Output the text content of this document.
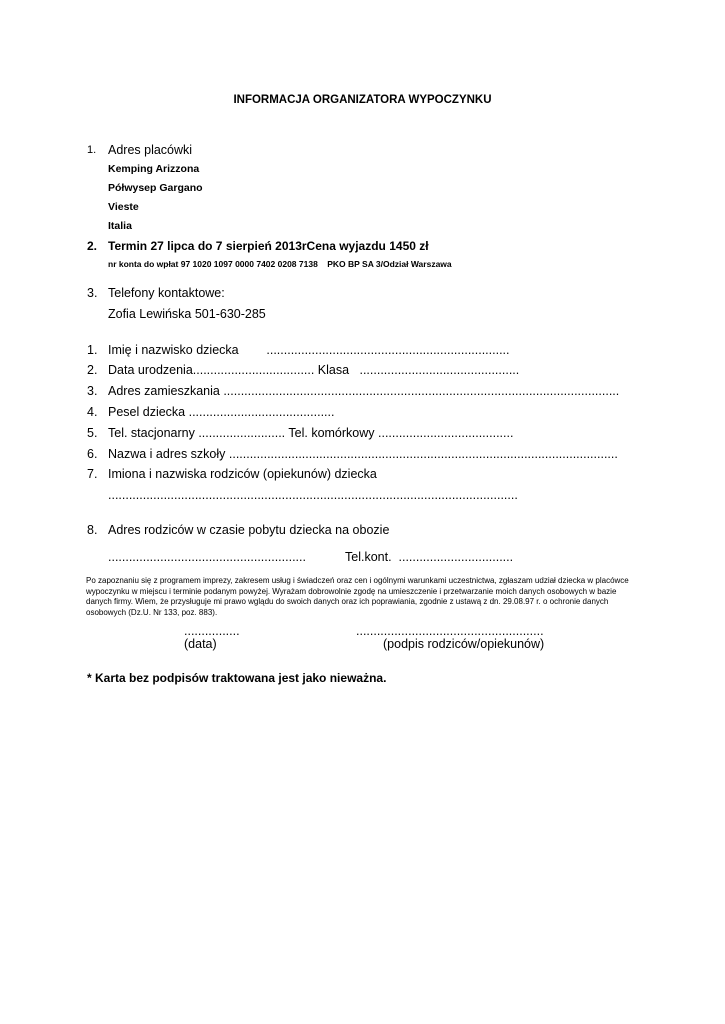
INFORMACJA ORGANIZATORA WYPOCZYNKU
1. Adres placówki
Kemping Arizzona
Półwysep Gargano
Vieste
Italia
2. Termin 27 lipca do 7 sierpień 2013rCena wyjazdu 1450 zł
nr konta do wpłat 97 1020 1097 0000 7402 0208 7138    PKO BP SA 3/Odział Warszawa
3. Telefony kontaktowe:
Zofia Lewińska 501-630-285
1. Imię i nazwisko dziecka        ......................................................................
2. Data urodzenia................................... Klasa   ..............................................
3. Adres zamieszkania ..................................................................................................................
4. Pesel dziecka ..........................................
5. Tel. stacjonarny ......................... Tel. komórkowy .......................................
6. Nazwa i adres szkoły ................................................................................................................
7. Imiona i nazwiska rodziców (opiekunów) dziecka
......................................................................................................................
8. Adres rodziców w czasie pobytu dziecka na obozie
.........................................................	Tel.kont.  .................................
Po zapoznaniu się z programem imprezy, zakresem usług i świadczeń oraz cen i ogólnymi warunkami uczestnictwa, zgłaszam udział dziecka w placówce wypoczynku w miejscu i terminie podanym powyżej. Wyrażam dobrowolnie zgodę na umieszczenie i przetwarzanie moich danych osobowych w bazie danych firmy. Wiem, że przysługuje mi prawo wglądu do swoich danych oraz ich poprawiania, zgodnie z ustawą z dn. 29.08.97 r. o ochronie danych osobowych (Dz.U. Nr 133, poz. 883).
................
(data)
......................................................
(podpis rodziców/opiekunów)
* Karta bez podpisów traktowana jest jako nieważna.
